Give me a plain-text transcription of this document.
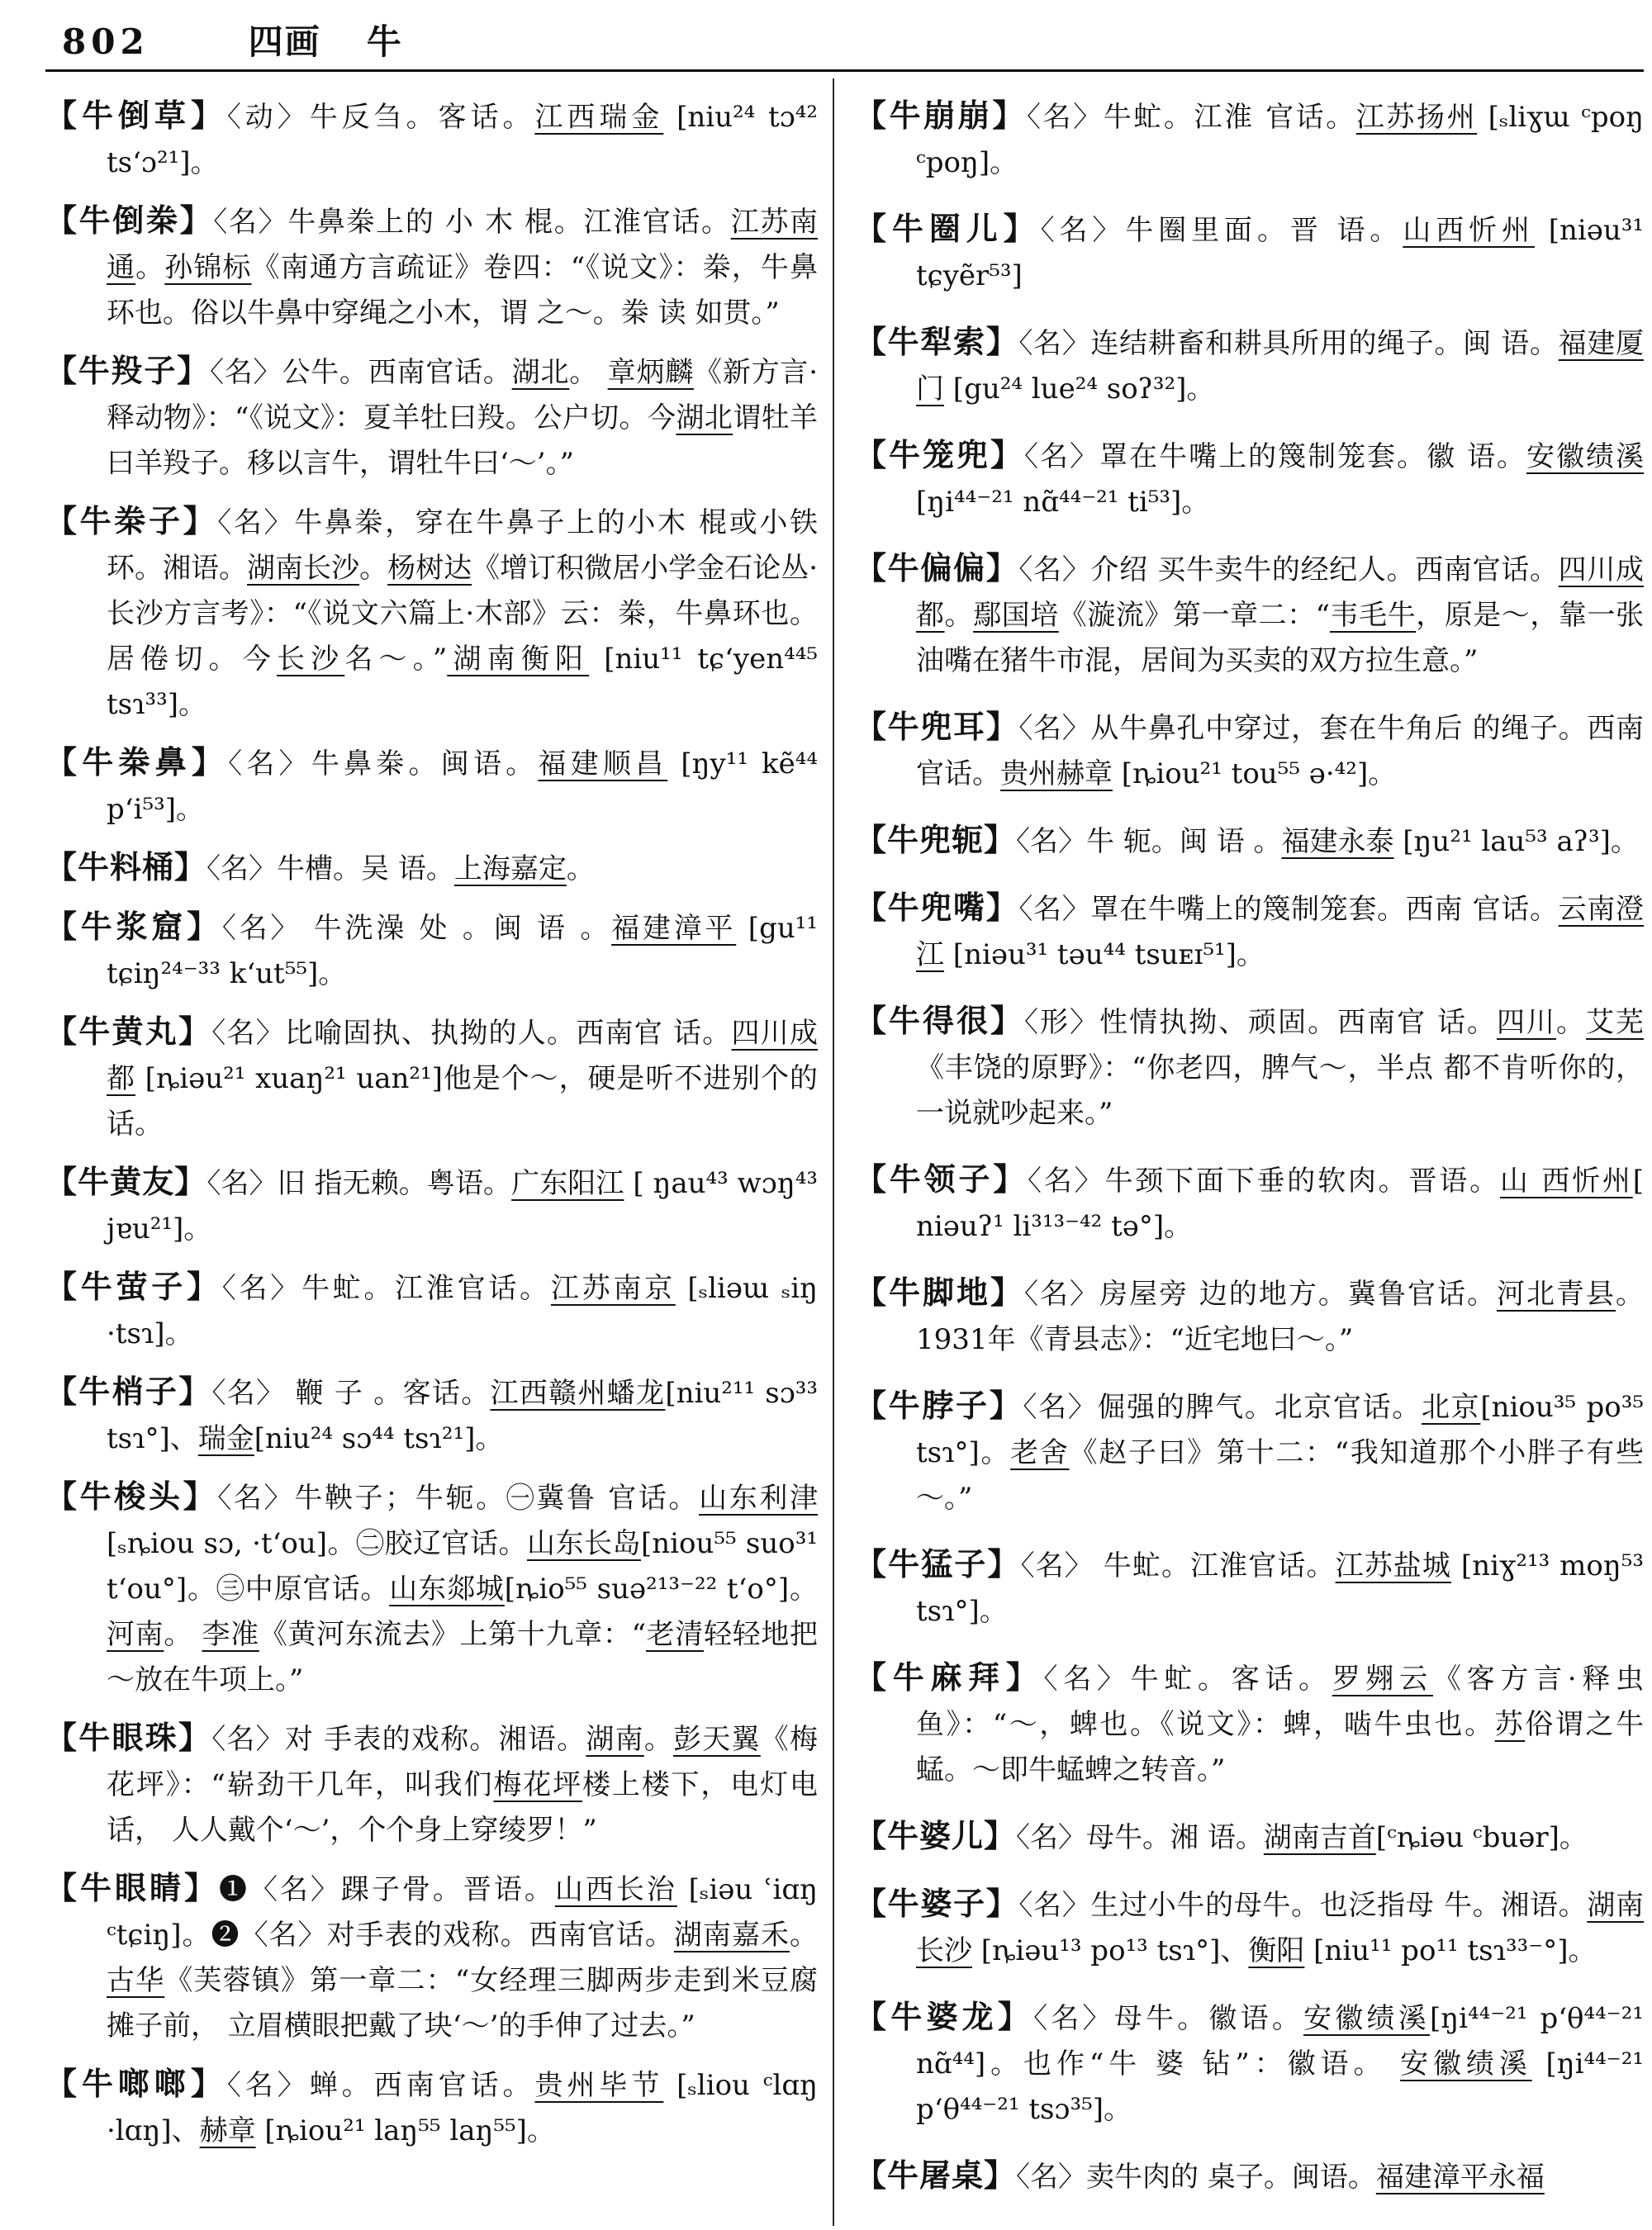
802	四画 牛

【牛倒草】〈动〉牛反刍。客话。江西瑞金 [niu²⁴ tɔ⁴² ts‘ɔ²¹]。

【牛倒桊】〈名〉牛鼻桊上的 小 木 棍。江淮官话。江苏南通。孙锦标《南通方言疏证》卷四：“《说文》：桊，牛鼻环也。俗以牛鼻中穿绳之小木，谓 之～。桊 读 如贯。”

【牛羖子】〈名〉公牛。西南官话。湖北。 章炳麟《新方言·释动物》：“《说文》：夏羊牡曰羖。公户切。今湖北谓牡羊曰羊羖子。移以言牛，谓牡牛曰‘～’。”

【牛桊子】〈名〉牛鼻桊，穿在牛鼻子上的小木 棍或小铁环。湘语。湖南长沙。杨树达《增订积微居小学金石论丛·长沙方言考》：“《说文六篇上·木部》云：桊，牛鼻环也。居倦切。今长沙名～。”湖南衡阳 [niu¹¹ tɕ‘yen⁴⁴⁵ tsɿ³³]。

【牛桊鼻】〈名〉牛鼻桊。闽语。福建顺昌 [ŋy¹¹ kẽ⁴⁴ p‘i⁵³]。

【牛料桶】〈名〉牛槽。吴 语。上海嘉定。

【牛浆窟】〈名〉 牛洗澡 处 。闽 语 。福建漳平 [gu¹¹ tɕiŋ²⁴⁻³³ k‘ut⁵⁵]。

【牛黄丸】〈名〉比喻固执、执拗的人。西南官 话。四川成都 [ȵiəu²¹ xuaŋ²¹ uan²¹]他是个～，硬是听不进别个的话。

【牛黄友】〈名〉旧 指无赖。粤语。广东阳江 [ ŋau⁴³ wɔŋ⁴³ jɐu²¹]。

【牛萤子】〈名〉牛虻。江淮官话。江苏南京 [ₛliəɯ ₛiŋ ·tsɿ]。

【牛梢子】〈名〉 鞭 子 。客话。江西赣州蟠龙[niu²¹¹ sɔ³³ tsɿ°]、瑞金[niu²⁴ sɔ⁴⁴ tsɿ²¹]。

【牛梭头】〈名〉牛鞅子；牛轭。㊀冀鲁 官话。山东利津[ₛȵiou sɔ, ·t‘ou]。㊁胶辽官话。山东长岛[niou⁵⁵ suo³¹ t‘ou°]。㊂中原官话。山东郯城[ȵio⁵⁵ suə²¹³⁻²² t‘o°]。河南。 李准《黄河东流去》上第十九章：“老清轻轻地把～放在牛项上。”

【牛眼珠】〈名〉对 手表的戏称。湘语。湖南。彭天翼《梅花坪》：“崭劲干几年，叫我们梅花坪楼上楼下，电灯电话， 人人戴个‘～’，个个身上穿绫罗！”

【牛眼睛】❶〈名〉踝子骨。晋语。山西长治 [ₛiəu ʿiɑŋ ᶜtɕiŋ]。❷〈名〉对手表的戏称。西南官话。湖南嘉禾。古华《芙蓉镇》第一章二：“女经理三脚两步走到米豆腐摊子前， 立眉横眼把戴了块‘～’的手伸了过去。”

【牛啷啷】〈名〉蝉。西南官话。贵州毕节 [ₛliou ᶜlɑŋ ·lɑŋ]、赫章 [ȵiou²¹ laŋ⁵⁵ laŋ⁵⁵]。

【牛崩崩】〈名〉牛虻。江淮 官话。江苏扬州 [ₛliɣɯ ᶜpoŋ ᶜpoŋ]。

【牛圈儿】〈名〉牛圈里面。晋 语。山西忻州 [niəu³¹ tɕyẽr⁵³]

【牛犁索】〈名〉连结耕畜和耕具所用的绳子。闽 语。福建厦门 [gu²⁴ lue²⁴ soʔ³²]。

【牛笼兜】〈名〉罩在牛嘴上的篾制笼套。徽 语。安徽绩溪 [ŋi⁴⁴⁻²¹ nɑ̃⁴⁴⁻²¹ ti⁵³]。

【牛偏偏】〈名〉介绍 买牛卖牛的经纪人。西南官话。四川成都。鄢国培《漩流》第一章二：“韦毛牛，原是～，靠一张油嘴在猪牛市混，居间为买卖的双方拉生意。”

【牛兜耳】〈名〉从牛鼻孔中穿过，套在牛角后 的绳子。西南官话。贵州赫章 [ȵiou²¹ tou⁵⁵ ə·⁴²]。

【牛兜轭】〈名〉牛 轭。闽 语 。福建永泰 [ŋu²¹ lau⁵³ aʔ³]。

【牛兜嘴】〈名〉罩在牛嘴上的篾制笼套。西南 官话。云南澄江 [niəu³¹ təu⁴⁴ tsuᴇɪ⁵¹]。

【牛得很】〈形〉性情执拗、顽固。西南官 话。四川。艾芜《丰饶的原野》：“你老四，脾气～，半点 都不肯听你的，一说就吵起来。”

【牛领子】〈名〉牛颈下面下垂的软肉。晋语。山 西忻州[ niəuʔ¹ li³¹³⁻⁴² tə°]。

【牛脚地】〈名〉房屋旁 边的地方。冀鲁官话。河北青县。1931年《青县志》：“近宅地曰～。”

【牛脖子】〈名〉倔强的脾气。北京官话。北京[niou³⁵ po³⁵ tsɿ°]。老舍《赵子曰》第十二：“我知道那个小胖子有些～。”

【牛猛子】〈名〉 牛虻。江淮官话。江苏盐城 [niɣ²¹³ moŋ⁵³ tsɿ°]。

【牛麻拜】〈名〉牛虻。客话。罗翙云《客方言·释虫鱼》：“～，蜱也。《说文》：蜱，啮牛虫也。苏俗谓之牛蜢。～即牛蜢蜱之转音。”

【牛婆儿】〈名〉母牛。湘 语。湖南吉首[ᶜȵiəu ᶜbuər]。

【牛婆子】〈名〉生过小牛的母牛。也泛指母 牛。湘语。湖南长沙 [ȵiəu¹³ po¹³ tsɿ°]、衡阳 [niu¹¹ po¹¹ tsɿ³³⁻°]。

【牛婆龙】〈名〉母牛。徽语。安徽绩溪[ŋi⁴⁴⁻²¹ p‘θ⁴⁴⁻²¹ nɑ̃⁴⁴]。也作“牛 婆 钻”：徽语。 安徽绩溪 [ŋi⁴⁴⁻²¹ p‘θ⁴⁴⁻²¹ tsɔ³⁵]。

【牛屠桌】〈名〉卖牛肉的 桌子。闽语。福建漳平永福
